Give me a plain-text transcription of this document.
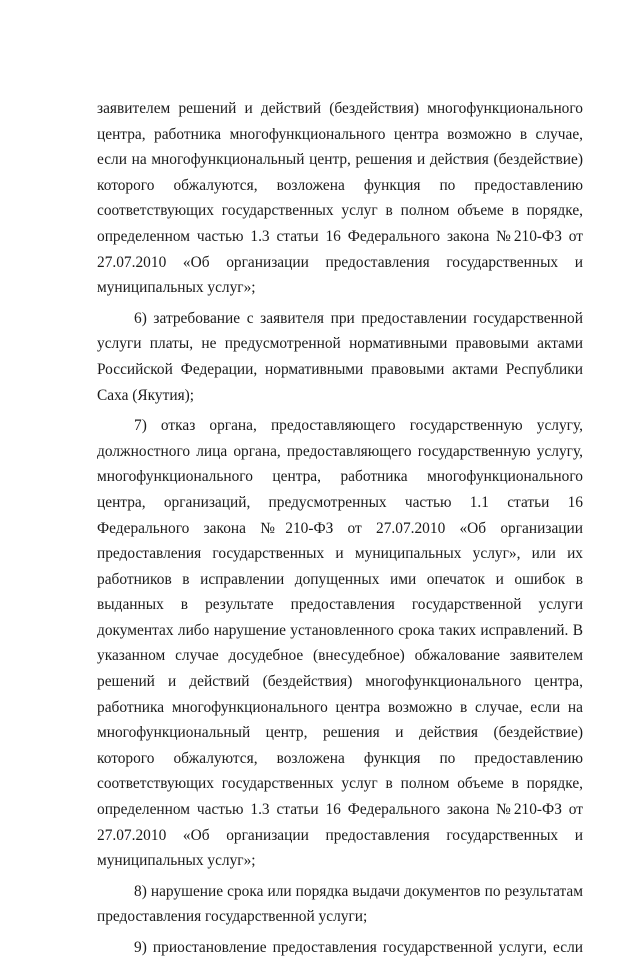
заявителем решений и действий (бездействия) многофункционального центра, работника многофункционального центра возможно в случае, если на многофункциональный центр, решения и действия (бездействие) которого обжалуются, возложена функция по предоставлению соответствующих государственных услуг в полном объеме в порядке, определенном частью 1.3 статьи 16 Федерального закона №210-ФЗ от 27.07.2010 «Об организации предоставления государственных и муниципальных услуг»;

6) затребование с заявителя при предоставлении государственной услуги платы, не предусмотренной нормативными правовыми актами Российской Федерации, нормативными правовыми актами Республики Саха (Якутия);

7) отказ органа, предоставляющего государственную услугу, должностного лица органа, предоставляющего государственную услугу, многофункционального центра, работника многофункционального центра, организаций, предусмотренных частью 1.1 статьи 16 Федерального закона №210-ФЗ от 27.07.2010 «Об организации предоставления государственных и муниципальных услуг», или их работников в исправлении допущенных ими опечаток и ошибок в выданных в результате предоставления государственной услуги документах либо нарушение установленного срока таких исправлений. В указанном случае досудебное (внесудебное) обжалование заявителем решений и действий (бездействия) многофункционального центра, работника многофункционального центра возможно в случае, если на многофункциональный центр, решения и действия (бездействие) которого обжалуются, возложена функция по предоставлению соответствующих государственных услуг в полном объеме в порядке, определенном частью 1.3 статьи 16 Федерального закона №210-ФЗ от 27.07.2010 «Об организации предоставления государственных и муниципальных услуг»;

8) нарушение срока или порядка выдачи документов по результатам предоставления государственной услуги;

9) приостановление предоставления государственной услуги, если
